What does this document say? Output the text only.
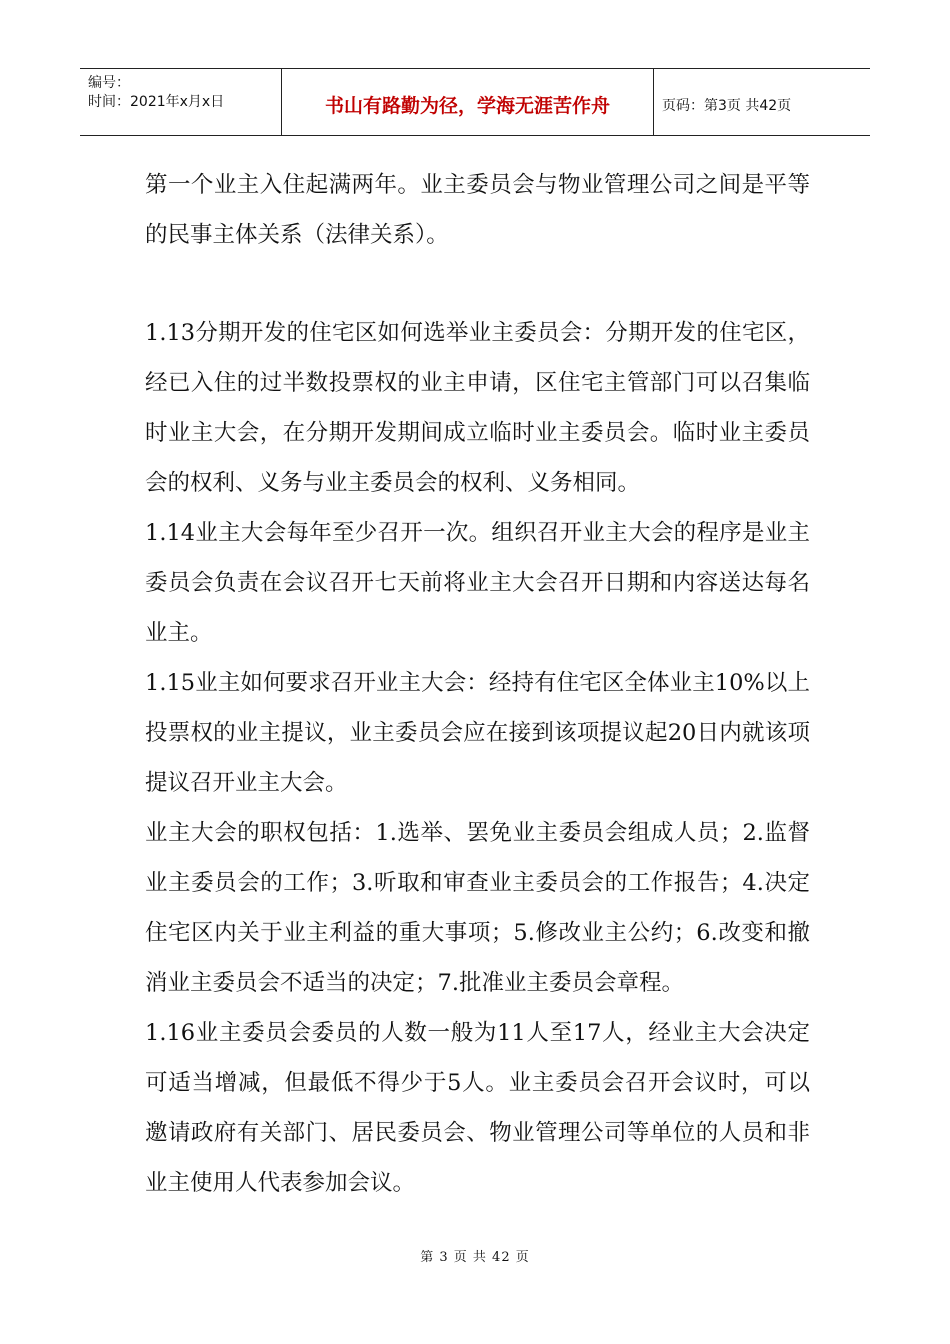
编号：
时间：2021年x月x日	书山有路勤为径，学海无涯苦作舟	页码：第3页 共42页

第一个业主入住起满两年。业主委员会与物业管理公司之间是平等的民事主体关系（法律关系）。

1.13分期开发的住宅区如何选举业主委员会：分期开发的住宅区，经已入住的过半数投票权的业主申请，区住宅主管部门可以召集临时业主大会，在分期开发期间成立临时业主委员会。临时业主委员会的权利、义务与业主委员会的权利、义务相同。

1.14业主大会每年至少召开一次。组织召开业主大会的程序是业主委员会负责在会议召开七天前将业主大会召开日期和内容送达每名业主。

1.15业主如何要求召开业主大会：经持有住宅区全体业主10%以上投票权的业主提议，业主委员会应在接到该项提议起20日内就该项提议召开业主大会。

业主大会的职权包括：1.选举、罢免业主委员会组成人员；2.监督业主委员会的工作；3.听取和审查业主委员会的工作报告；4.决定住宅区内关于业主利益的重大事项；5.修改业主公约；6.改变和撤消业主委员会不适当的决定；7.批准业主委员会章程。

1.16业主委员会委员的人数一般为11人至17人，经业主大会决定可适当增减，但最低不得少于5人。业主委员会召开会议时，可以邀请政府有关部门、居民委员会、物业管理公司等单位的人员和非业主使用人代表参加会议。

第 3 页 共 42 页
